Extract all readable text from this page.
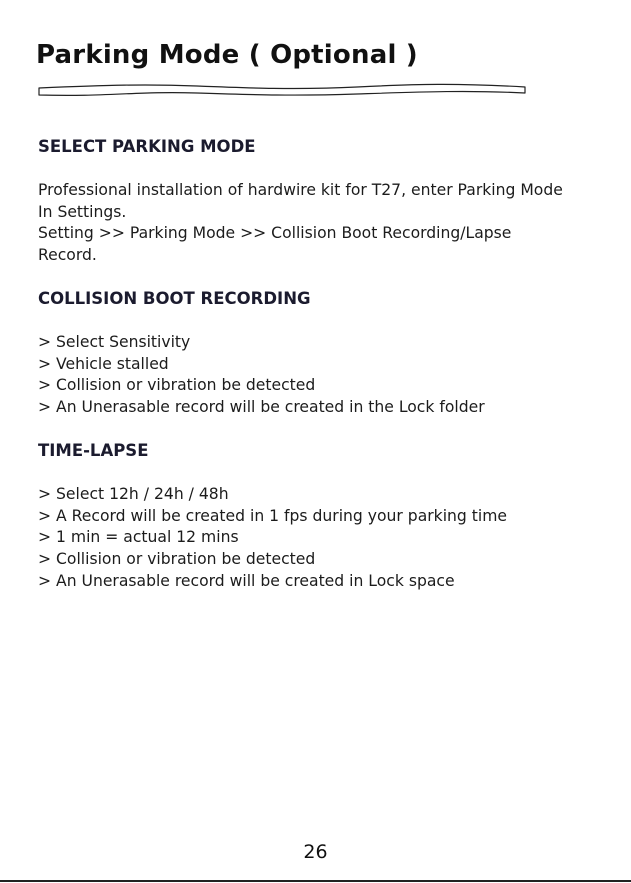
Parking Mode ( Optional )
SELECT PARKING MODE
Professional installation of hardwire kit for T27, enter Parking Mode
In Settings.
Setting >> Parking Mode >> Collision Boot Recording/Lapse
Record.
COLLISION BOOT RECORDING
> Select Sensitivity
> Vehicle stalled
> Collision or vibration be detected
> An Unerasable record will be created in the Lock folder
TIME-LAPSE
> Select 12h / 24h / 48h
> A Record will be created in 1 fps during your parking time
> 1 min = actual 12 mins
> Collision or vibration be detected
> An Unerasable record will be created in Lock space
26
